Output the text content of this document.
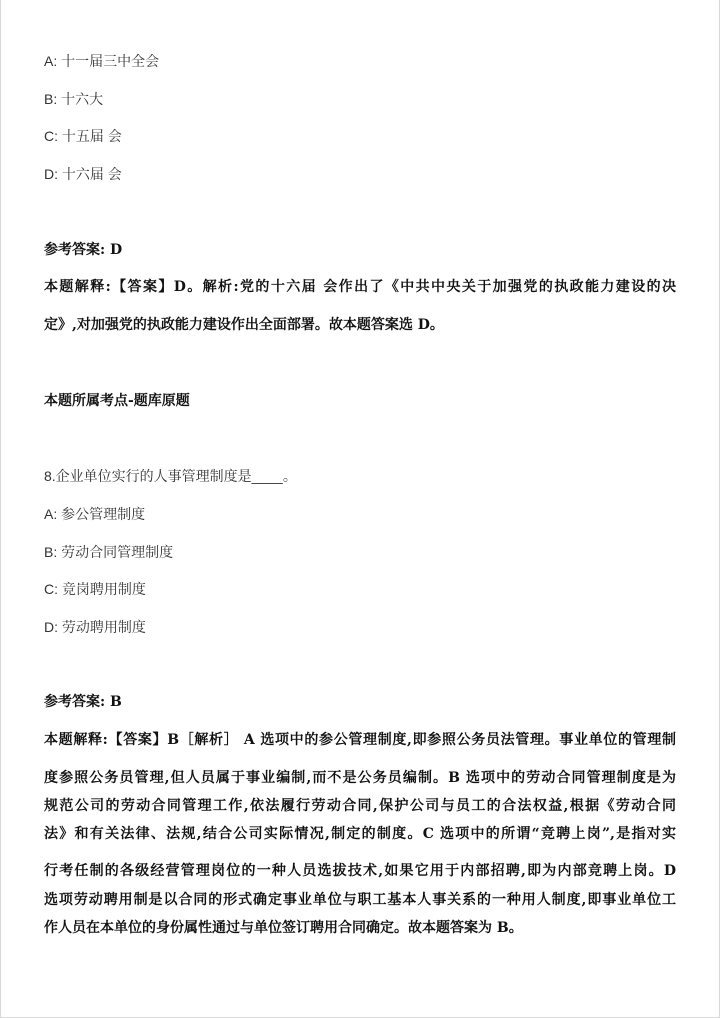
A: 十一届三中全会
B: 十六大
C: 十五届 会
D: 十六届 会
参考答案: D
本题解释:【答案】D。解析:党的十六届 会作出了《中共中央关于加强党的执政能力建设的决
定》,对加强党的执政能力建设作出全面部署。故本题答案选 D。
本题所属考点-题库原题
8.企业单位实行的人事管理制度是____。
A: 参公管理制度
B: 劳动合同管理制度
C: 竞岗聘用制度
D: 劳动聘用制度
参考答案: B
本题解释:【答案】B［解析］ A 选项中的参公管理制度,即参照公务员法管理。事业单位的管理制
度参照公务员管理,但人员属于事业编制,而不是公务员编制。B 选项中的劳动合同管理制度是为
规范公司的劳动合同管理工作,依法履行劳动合同,保护公司与员工的合法权益,根据《劳动合同
法》和有关法律、法规,结合公司实际情况,制定的制度。C 选项中的所谓“竞聘上岗”,是指对实
行考任制的各级经营管理岗位的一种人员选拔技术,如果它用于内部招聘,即为内部竞聘上岗。D
选项劳动聘用制是以合同的形式确定事业单位与职工基本人事关系的一种用人制度,即事业单位工
作人员在本单位的身份属性通过与单位签订聘用合同确定。故本题答案为 B。
